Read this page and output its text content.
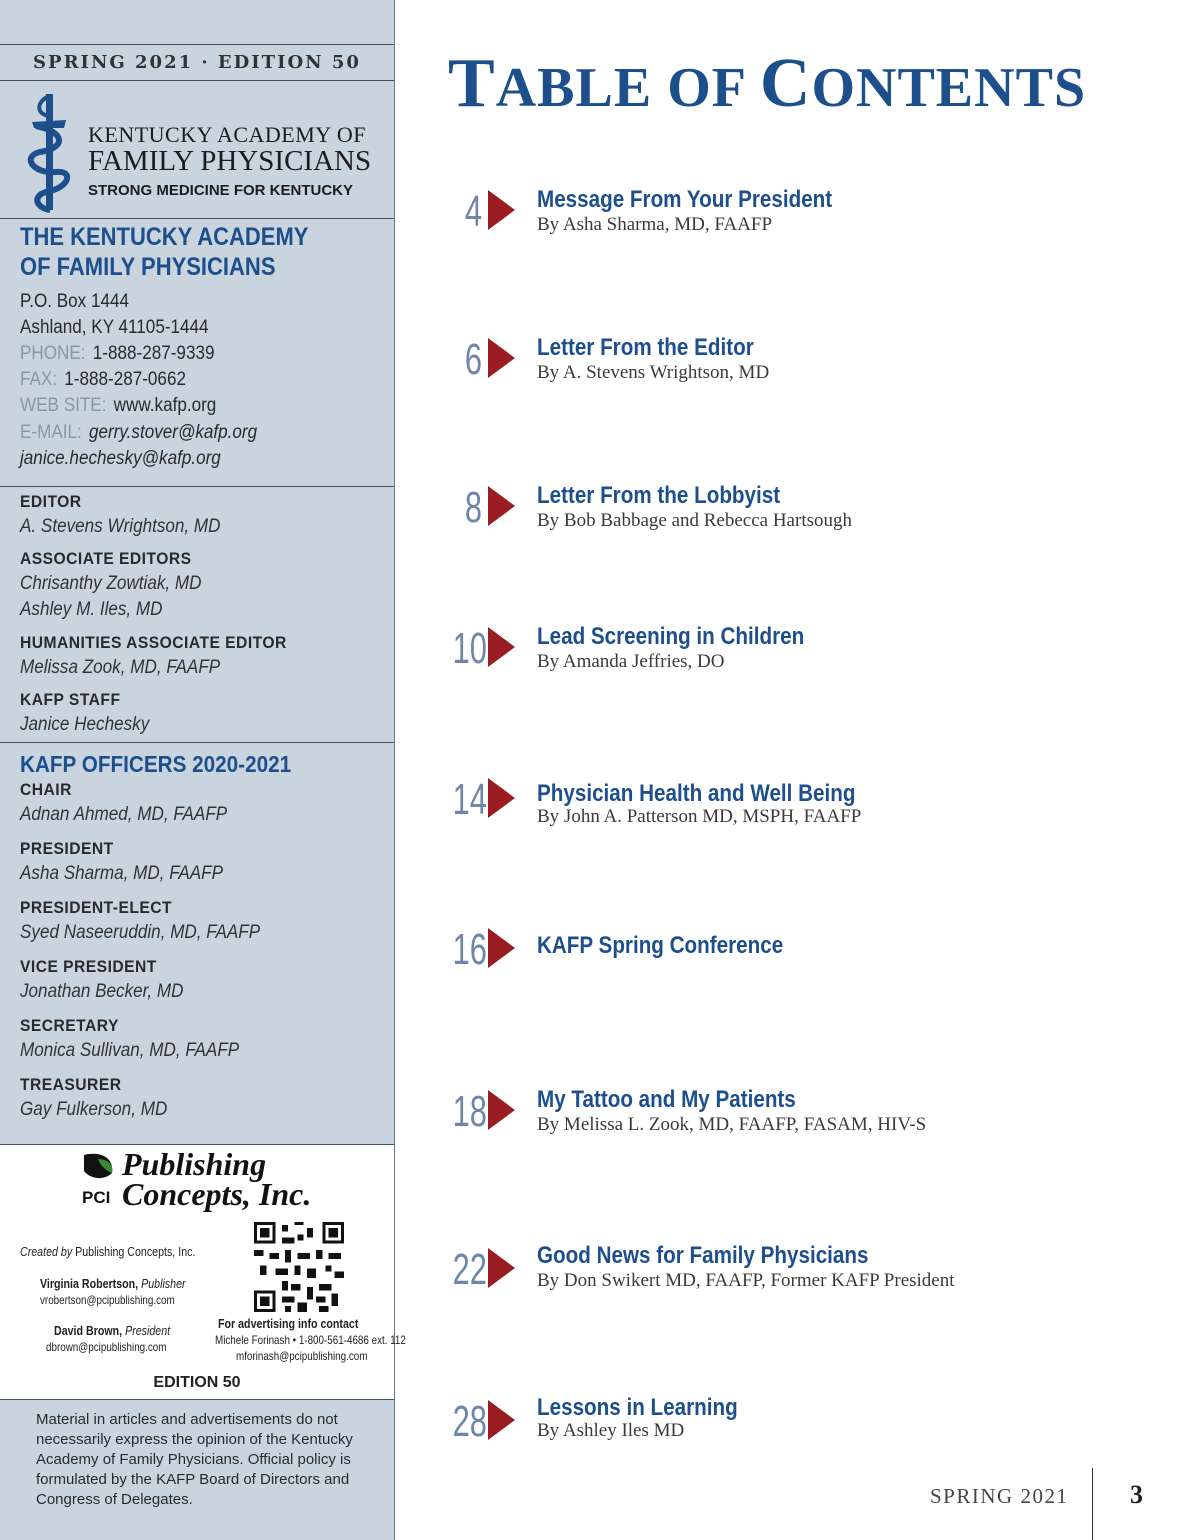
SPRING 2021 · EDITION 50
KENTUCKY ACADEMY OF
FAMILY PHYSICIANS
STRONG MEDICINE FOR KENTUCKY
THE KENTUCKY ACADEMY
OF FAMILY PHYSICIANS
P.O. Box 1444
Ashland, KY 41105-1444
PHONE: 1-888-287-9339
FAX: 1-888-287-0662
WEB SITE: www.kafp.org
E-MAIL: gerry.stover@kafp.org
janice.hechesky@kafp.org
EDITOR
A. Stevens Wrightson, MD
ASSOCIATE EDITORS
Chrisanthy Zowtiak, MD
Ashley M. Iles, MD
HUMANITIES ASSOCIATE EDITOR
Melissa Zook, MD, FAAFP
KAFP STAFF
Janice Hechesky
KAFP OFFICERS 2020-2021
CHAIR
Adnan Ahmed, MD, FAAFP
PRESIDENT
Asha Sharma, MD, FAAFP
PRESIDENT-ELECT
Syed Naseeruddin, MD, FAAFP
VICE PRESIDENT
Jonathan Becker, MD
SECRETARY
Monica Sullivan, MD, FAAFP
TREASURER
Gay Fulkerson, MD
PCI
Publishing
Concepts, Inc.
Created by Publishing Concepts, Inc.
Virginia Robertson, Publisher
vrobertson@pcipublishing.com
David Brown, President
dbrown@pcipublishing.com
For advertising info contact
Michele Forinash • 1-800-561-4686 ext. 112
mforinash@pcipublishing.com
EDITION 50
Material in articles and advertisements do not necessarily express the opinion of the Kentucky Academy of Family Physicians. Official policy is formulated by the KAFP Board of Directors and Congress of Delegates.
TABLE OF CONTENTS
4 Message From Your President
By Asha Sharma, MD, FAAFP
6 Letter From the Editor
By A. Stevens Wrightson, MD
8 Letter From the Lobbyist
By Bob Babbage and Rebecca Hartsough
10 Lead Screening in Children
By Amanda Jeffries, DO
14 Physician Health and Well Being
By John A. Patterson MD, MSPH, FAAFP
16 KAFP Spring Conference
18 My Tattoo and My Patients
By Melissa L. Zook, MD, FAAFP, FASAM, HIV-S
22 Good News for Family Physicians
By Don Swikert MD, FAAFP, Former KAFP President
28 Lessons in Learning
By Ashley Iles MD
SPRING 2021 3
